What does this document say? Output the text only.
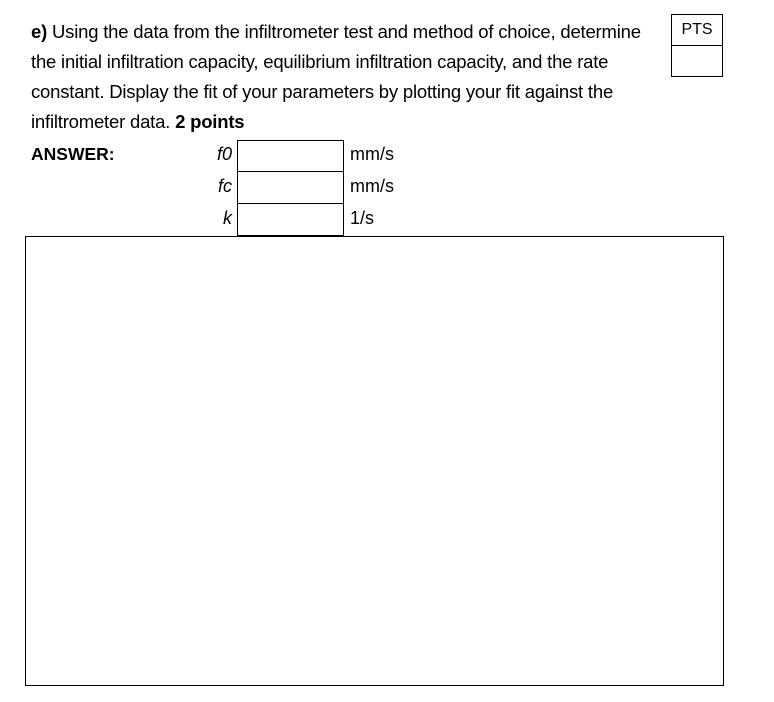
e) Using the data from the infiltrometer test and method of choice, determine the initial infiltration capacity, equilibrium infiltration capacity, and the rate constant. Display the fit of your parameters by plotting your fit against the infiltrometer data. 2 points
PTS
ANSWER:	f0	mm/s
fc	mm/s
k	1/s
